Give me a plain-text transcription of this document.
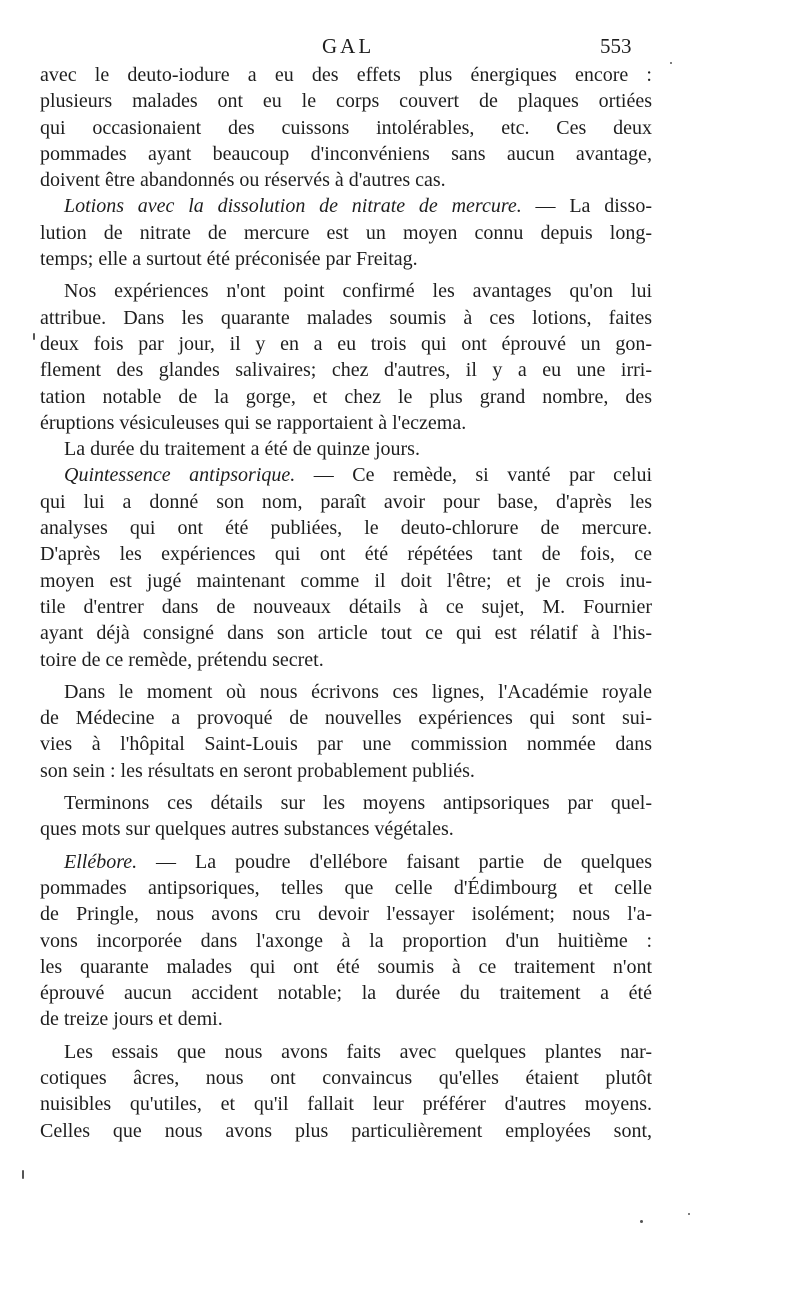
GAL	553
avec le deuto-iodure a eu des effets plus énergiques encore :
plusieurs malades ont eu le corps couvert de plaques ortiées
qui occasionaient des cuissons intolérables, etc. Ces deux
pommades ayant beaucoup d'inconvéniens sans aucun avantage,
doivent être abandonnés ou réservés à d'autres cas.
Lotions avec la dissolution de nitrate de mercure. — La disso-
lution de nitrate de mercure est un moyen connu depuis long-
temps; elle a surtout été préconisée par Freitag.
Nos expériences n'ont point confirmé les avantages qu'on lui
attribue. Dans les quarante malades soumis à ces lotions, faites
deux fois par jour, il y en a eu trois qui ont éprouvé un gon-
flement des glandes salivaires; chez d'autres, il y a eu une irri-
tation notable de la gorge, et chez le plus grand nombre, des
éruptions vésiculeuses qui se rapportaient à l'eczema.
La durée du traitement a été de quinze jours.
Quintessence antipsorique. — Ce remède, si vanté par celui
qui lui a donné son nom, paraît avoir pour base, d'après les
analyses qui ont été publiées, le deuto-chlorure de mercure.
D'après les expériences qui ont été répétées tant de fois, ce
moyen est jugé maintenant comme il doit l'être; et je crois inu-
tile d'entrer dans de nouveaux détails à ce sujet, M. Fournier
ayant déjà consigné dans son article tout ce qui est rélatif à l'his-
toire de ce remède, prétendu secret.
Dans le moment où nous écrivons ces lignes, l'Académie royale
de Médecine a provoqué de nouvelles expériences qui sont sui-
vies à l'hôpital Saint-Louis par une commission nommée dans
son sein : les résultats en seront probablement publiés.
Terminons ces détails sur les moyens antipsoriques par quel-
ques mots sur quelques autres substances végétales.
Ellébore. — La poudre d'ellébore faisant partie de quelques
pommades antipsoriques, telles que celle d'Édimbourg et celle
de Pringle, nous avons cru devoir l'essayer isolément; nous l'a-
vons incorporée dans l'axonge à la proportion d'un huitième :
les quarante malades qui ont été soumis à ce traitement n'ont
éprouvé aucun accident notable; la durée du traitement a été
de treize jours et demi.
Les essais que nous avons faits avec quelques plantes nar-
cotiques âcres, nous ont convaincus qu'elles étaient plutôt
nuisibles qu'utiles, et qu'il fallait leur préférer d'autres moyens.
Celles que nous avons plus particulièrement employées sont,
